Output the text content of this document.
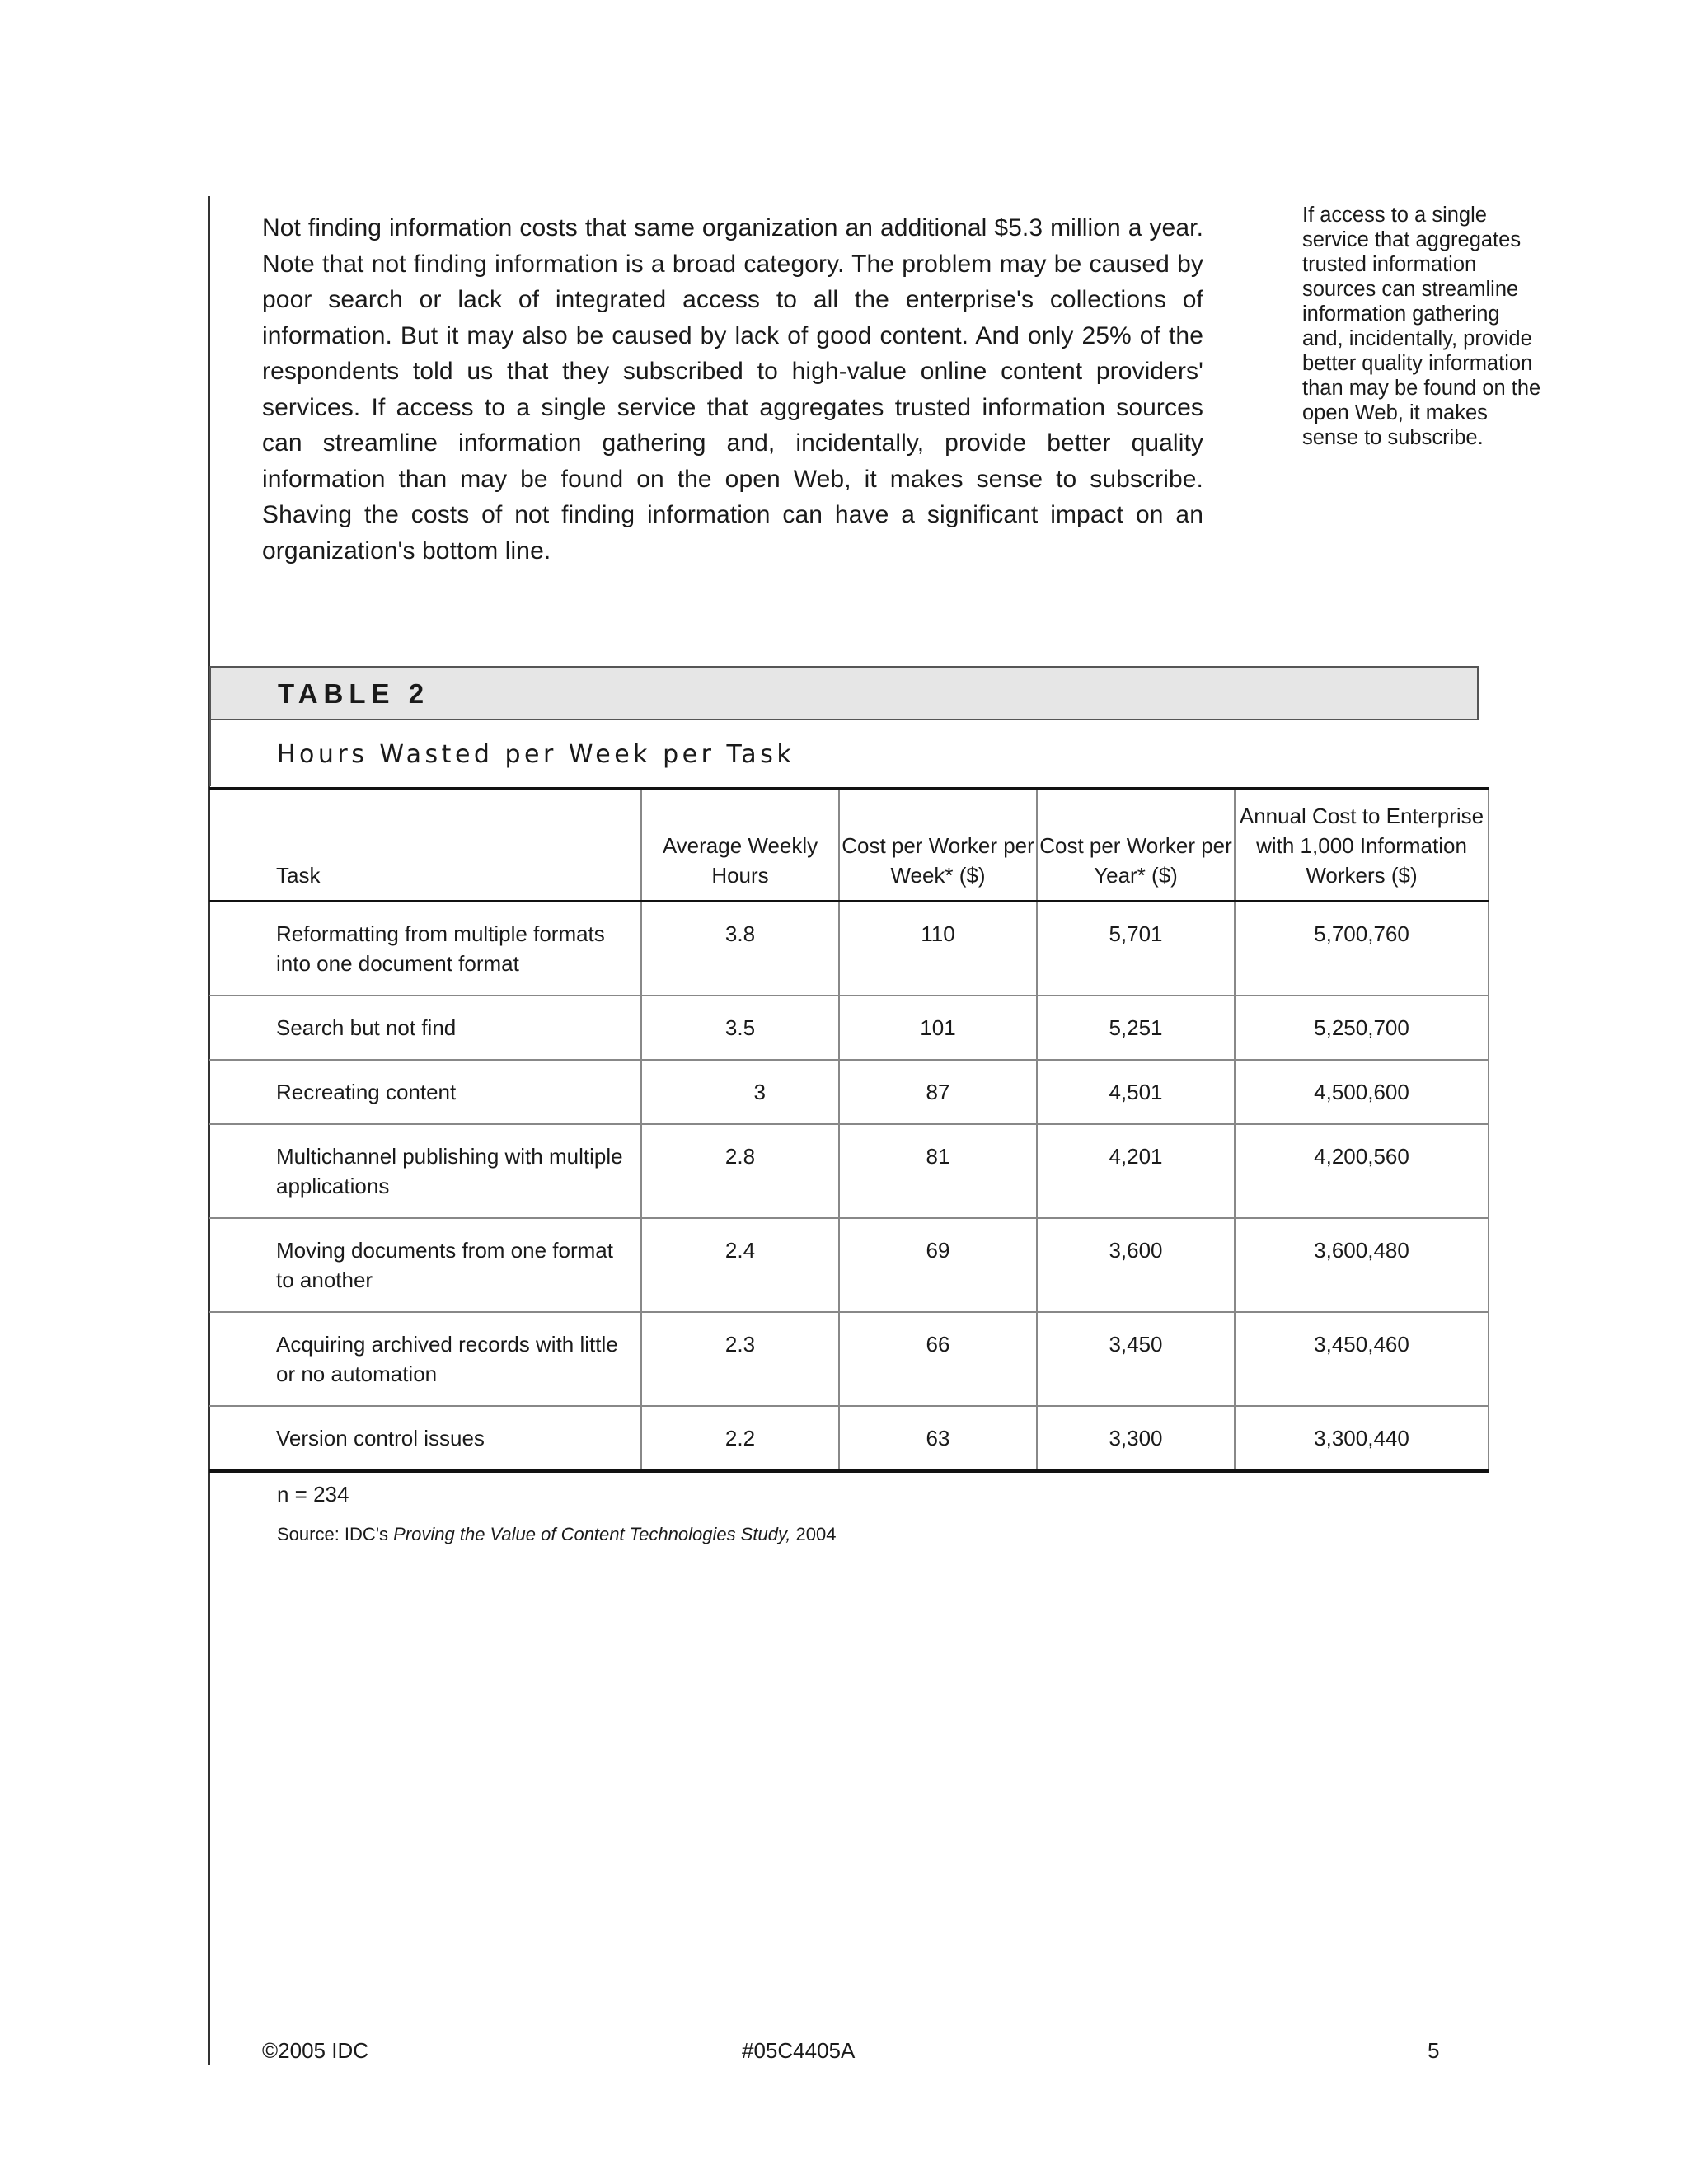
Not finding information costs that same organization an additional $5.3 million a year. Note that not finding information is a broad category. The problem may be caused by poor search or lack of integrated access to all the enterprise's collections of information. But it may also be caused by lack of good content. And only 25% of the respondents told us that they subscribed to high-value online content providers' services. If access to a single service that aggregates trusted information sources can streamline information gathering and, incidentally, provide better quality information than may be found on the open Web, it makes sense to subscribe. Shaving the costs of not finding information can have a significant impact on an organization's bottom line.

If access to a single service that aggregates trusted information sources can streamline information gathering and, incidentally, provide better quality information than may be found on the open Web, it makes sense to subscribe.

TABLE 2

Hours Wasted per Week per Task
Task	Average Weekly Hours	Cost per Worker per Week* ($)	Cost per Worker per Year* ($)	Annual Cost to Enterprise with 1,000 Information Workers ($)
Reformatting from multiple formats into one document format	3.8	110	5,701	5,700,760
Search but not find	3.5	101	5,251	5,250,700
Recreating content	3	87	4,501	4,500,600
Multichannel publishing with multiple applications	2.8	81	4,201	4,200,560
Moving documents from one format to another	2.4	69	3,600	3,600,480
Acquiring archived records with little or no automation	2.3	66	3,450	3,450,460
Version control issues	2.2	63	3,300	3,300,440

n = 234

Source: IDC's Proving the Value of Content Technologies Study, 2004

©2005 IDC	#05C4405A	5
